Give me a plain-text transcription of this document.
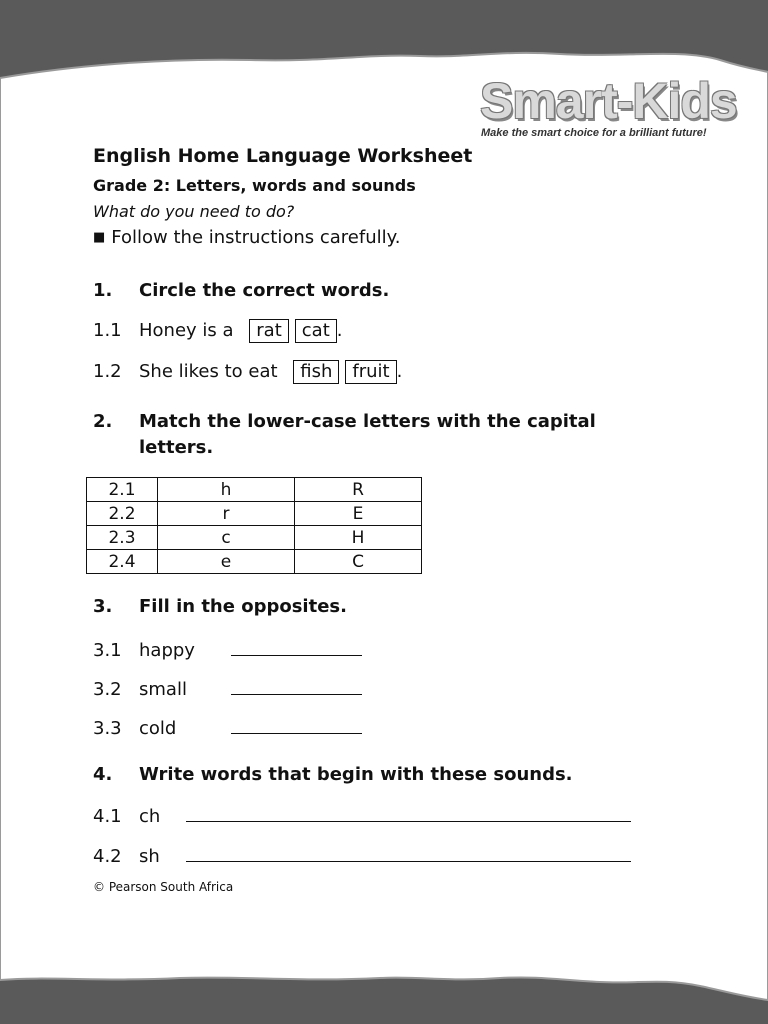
Smart-Kids
Make the smart choice for a brilliant future!
English Home Language Worksheet
Grade 2: Letters, words and sounds
What do you need to do?
■ Follow the instructions carefully.
1. Circle the correct words.
1.1 Honey is a rat cat .
1.2 She likes to eat fish fruit .
2. Match the lower-case letters with the capital
letters.
2.1	h	R
2.2	r	E
2.3	c	H
2.4	e	C
3. Fill in the opposites.
3.1 happy
3.2 small
3.3 cold
4. Write words that begin with these sounds.
4.1 ch
4.2 sh
© Pearson South Africa
